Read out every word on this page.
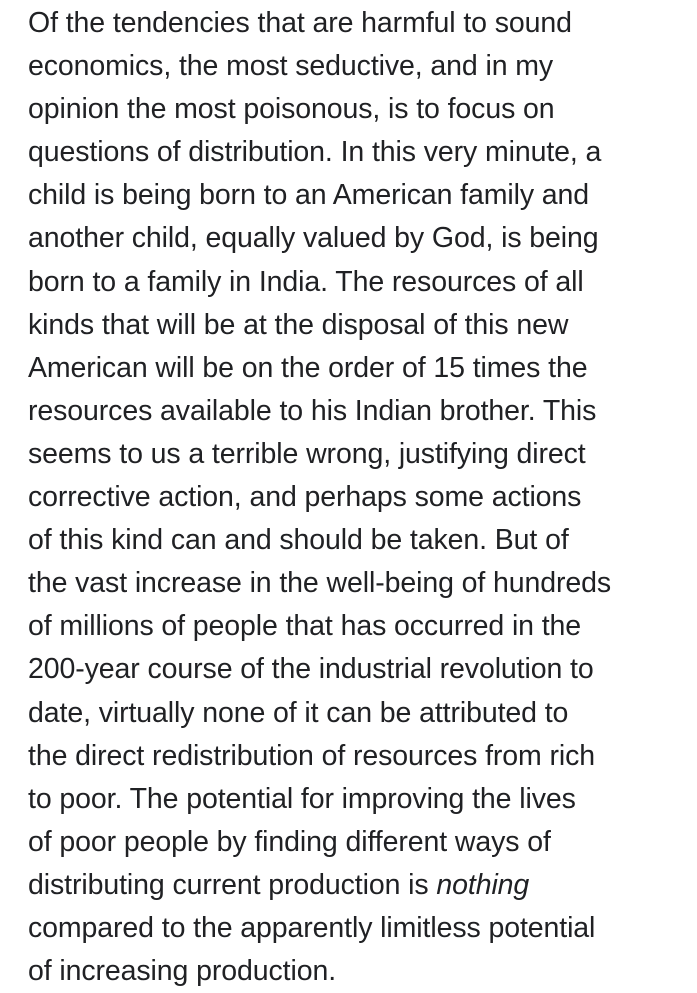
Of the tendencies that are harmful to sound
economics, the most seductive, and in my
opinion the most poisonous, is to focus on
questions of distribution. In this very minute, a
child is being born to an American family and
another child, equally valued by God, is being
born to a family in India. The resources of all
kinds that will be at the disposal of this new
American will be on the order of 15 times the
resources available to his Indian brother. This
seems to us a terrible wrong, justifying direct
corrective action, and perhaps some actions
of this kind can and should be taken. But of
the vast increase in the well-being of hundreds
of millions of people that has occurred in the
200-year course of the industrial revolution to
date, virtually none of it can be attributed to
the direct redistribution of resources from rich
to poor. The potential for improving the lives
of poor people by finding different ways of
distributing current production is nothing
compared to the apparently limitless potential
of increasing production.
